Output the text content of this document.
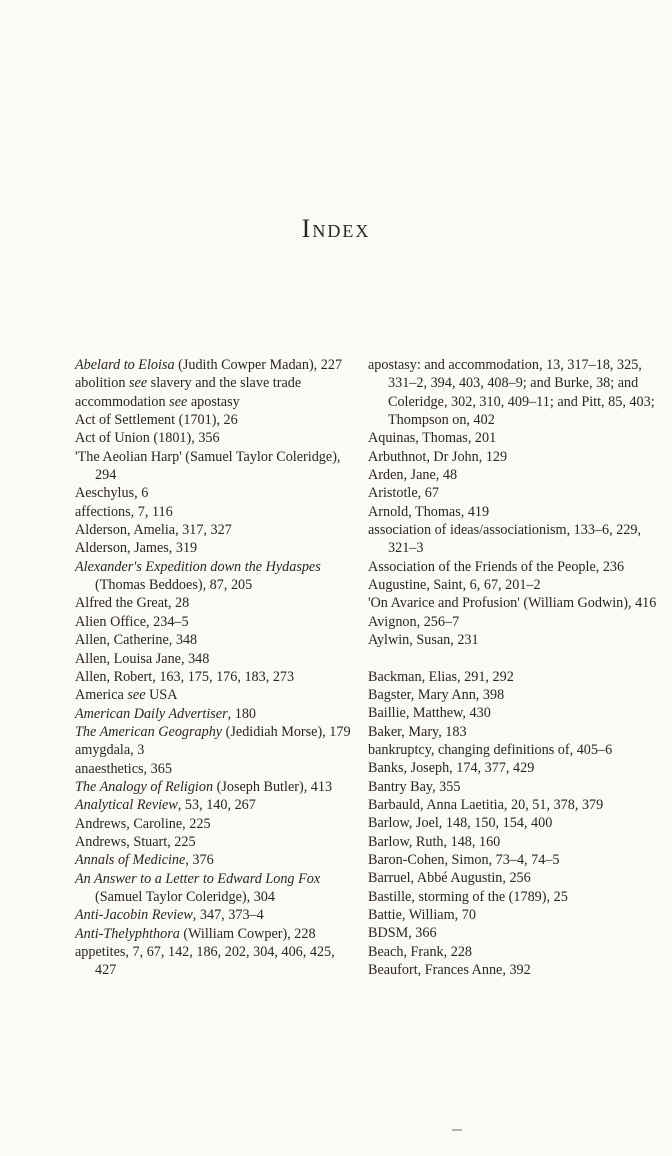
Index

Abelard to Eloisa (Judith Cowper Madan), 227

abolition see slavery and the slave trade

accommodation see apostasy

Act of Settlement (1701), 26

Act of Union (1801), 356

'The Aeolian Harp' (Samuel Taylor Coleridge), 294

Aeschylus, 6

affections, 7, 116

Alderson, Amelia, 317, 327

Alderson, James, 319

Alexander's Expedition down the Hydaspes (Thomas Beddoes), 87, 205

Alfred the Great, 28

Alien Office, 234–5

Allen, Catherine, 348

Allen, Louisa Jane, 348

Allen, Robert, 163, 175, 176, 183, 273

America see USA

American Daily Advertiser, 180

The American Geography (Jedidiah Morse), 179

amygdala, 3

anaesthetics, 365

The Analogy of Religion (Joseph Butler), 413

Analytical Review, 53, 140, 267

Andrews, Caroline, 225

Andrews, Stuart, 225

Annals of Medicine, 376

An Answer to a Letter to Edward Long Fox (Samuel Taylor Coleridge), 304

Anti-Jacobin Review, 347, 373–4

Anti-Thelyphthora (William Cowper), 228

appetites, 7, 67, 142, 186, 202, 304, 406, 425, 427

apostasy: and accommodation, 13, 317–18, 325, 331–2, 394, 403, 408–9; and Burke, 38; and Coleridge, 302, 310, 409–11; and Pitt, 85, 403; Thompson on, 402

Aquinas, Thomas, 201

Arbuthnot, Dr John, 129

Arden, Jane, 48

Aristotle, 67

Arnold, Thomas, 419

association of ideas/associationism, 133–6, 229, 321–3

Association of the Friends of the People, 236

Augustine, Saint, 6, 67, 201–2

'On Avarice and Profusion' (William Godwin), 416

Avignon, 256–7

Aylwin, Susan, 231

Backman, Elias, 291, 292

Bagster, Mary Ann, 398

Baillie, Matthew, 430

Baker, Mary, 183

bankruptcy, changing definitions of, 405–6

Banks, Joseph, 174, 377, 429

Bantry Bay, 355

Barbauld, Anna Laetitia, 20, 51, 378, 379

Barlow, Joel, 148, 150, 154, 400

Barlow, Ruth, 148, 160

Baron-Cohen, Simon, 73–4, 74–5

Barruel, Abbé Augustin, 256

Bastille, storming of the (1789), 25

Battie, William, 70

BDSM, 366

Beach, Frank, 228

Beaufort, Frances Anne, 392
